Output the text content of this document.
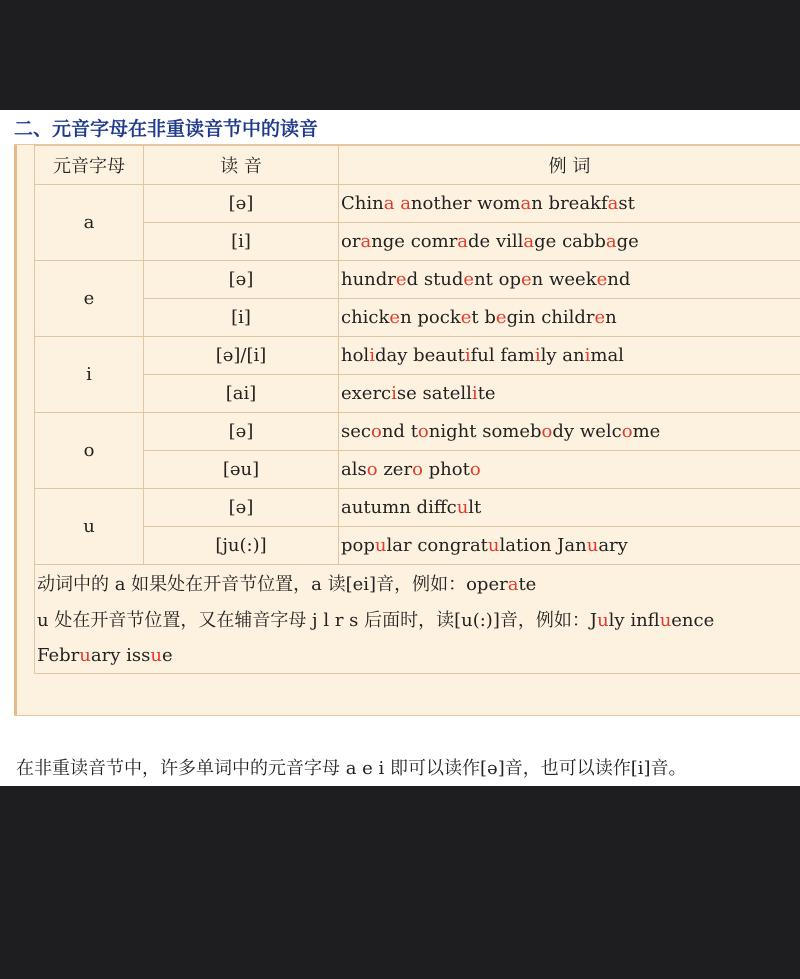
二、元音字母在非重读音节中的读音
元音字母	读 音	例 词
a	[ə]	China another woman breakfast
	[i]	orange comrade village cabbage
e	[ə]	hundred student open weekend
	[i]	chicken pocket begin children
i	[ə]/[i]	holiday beautiful family animal
	[ai]	exercise satellite
o	[ə]	second tonight somebody welcome
	[əu]	also zero photo
u	[ə]	autumn diffcult
	[ju(:)]	popular congratulation January
动词中的 a 如果处在开音节位置，a 读[ei]音，例如：operate		
u 处在开音节位置，又在辅音字母 j l r s 后面时，读[u(:)]音，例如：July influence		
February issue		
在非重读音节中，许多单词中的元音字母 a e i 即可以读作[ə]音，也可以读作[i]音。
